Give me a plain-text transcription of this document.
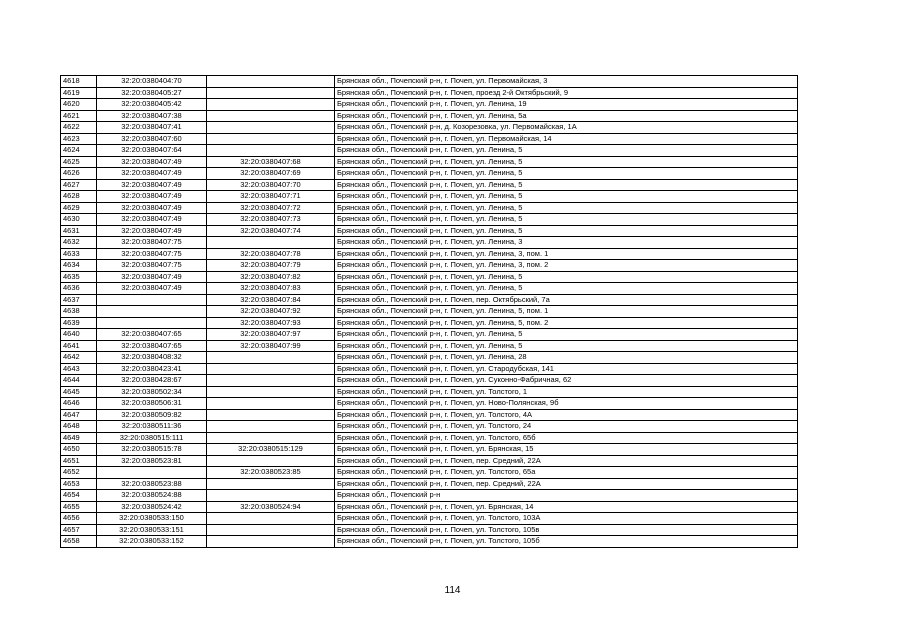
4618	32:20:0380404:70		Брянская обл., Почепский р-н, г. Почеп, ул. Первомайская, 3
4619	32:20:0380405:27		Брянская обл., Почепский р-н, г. Почеп, проезд 2-й Октябрьский, 9
4620	32:20:0380405:42		Брянская обл., Почепский р-н, г. Почеп, ул. Ленина, 19
4621	32:20:0380407:38		Брянская обл., Почепский р-н, г. Почеп, ул. Ленина, 5а
4622	32:20:0380407:41		Брянская обл., Почепский р-н, д. Козорезовка, ул. Первомайская, 1А
4623	32:20:0380407:60		Брянская обл., Почепский р-н, г. Почеп, ул. Первомайская, 14
4624	32:20:0380407:64		Брянская обл., Почепский р-н, г. Почеп, ул. Ленина, 5
4625	32:20:0380407:49	32:20:0380407:68	Брянская обл., Почепский р-н, г. Почеп, ул. Ленина, 5
4626	32:20:0380407:49	32:20:0380407:69	Брянская обл., Почепский р-н, г. Почеп, ул. Ленина, 5
4627	32:20:0380407:49	32:20:0380407:70	Брянская обл., Почепский р-н, г. Почеп, ул. Ленина, 5
4628	32:20:0380407:49	32:20:0380407:71	Брянская обл., Почепский р-н, г. Почеп, ул. Ленина, 5
4629	32:20:0380407:49	32:20:0380407:72	Брянская обл., Почепский р-н, г. Почеп, ул. Ленина, 5
4630	32:20:0380407:49	32:20:0380407:73	Брянская обл., Почепский р-н, г. Почеп, ул. Ленина, 5
4631	32:20:0380407:49	32:20:0380407:74	Брянская обл., Почепский р-н, г. Почеп, ул. Ленина, 5
4632	32:20:0380407:75		Брянская обл., Почепский р-н, г. Почеп, ул. Ленина, 3
4633	32:20:0380407:75	32:20:0380407:78	Брянская обл., Почепский р-н, г. Почеп, ул. Ленина, 3, пом. 1
4634	32:20:0380407:75	32:20:0380407:79	Брянская обл., Почепский р-н, г. Почеп, ул. Ленина, 3, пом. 2
4635	32:20:0380407:49	32:20:0380407:82	Брянская обл., Почепский р-н, г. Почеп, ул. Ленина, 5
4636	32:20:0380407:49	32:20:0380407:83	Брянская обл., Почепский р-н, г. Почеп, ул. Ленина, 5
4637		32:20:0380407:84	Брянская обл., Почепский р-н, г. Почеп, пер. Октябрьский, 7а
4638		32:20:0380407:92	Брянская обл., Почепский р-н, г. Почеп, ул. Ленина, 5, пом. 1
4639		32:20:0380407:93	Брянская обл., Почепский р-н, г. Почеп, ул. Ленина, 5, пом. 2
4640	32:20:0380407:65	32:20:0380407:97	Брянская обл., Почепский р-н, г. Почеп, ул. Ленина, 5
4641	32:20:0380407:65	32:20:0380407:99	Брянская обл., Почепский р-н, г. Почеп, ул. Ленина, 5
4642	32:20:0380408:32		Брянская обл., Почепский р-н, г. Почеп, ул. Ленина, 28
4643	32:20:0380423:41		Брянская обл., Почепский р-н, г. Почеп, ул. Стародубская, 141
4644	32:20:0380428:67		Брянская обл., Почепский р-н, г. Почеп, ул. Суконно-Фабричная, 62
4645	32:20:0380502:34		Брянская обл., Почепский р-н, г. Почеп, ул. Толстого, 1
4646	32:20:0380506:31		Брянская обл., Почепский р-н, г. Почеп, ул. Ново-Полянская, 9б
4647	32:20:0380509:82		Брянская обл., Почепский р-н, г. Почеп, ул. Толстого, 4А
4648	32:20:0380511:36		Брянская обл., Почепский р-н, г. Почеп, ул. Толстого, 24
4649	32:20:0380515:111		Брянская обл., Почепский р-н, г. Почеп, ул. Толстого, 65б
4650	32:20:0380515:78	32:20:0380515:129	Брянская обл., Почепский р-н, г. Почеп, ул. Брянская, 15
4651	32:20:0380523:81		Брянская обл., Почепский р-н, г. Почеп, пер. Средний, 22А
4652		32:20:0380523:85	Брянская обл., Почепский р-н, г. Почеп, ул. Толстого, 65а
4653	32:20:0380523:88		Брянская обл., Почепский р-н, г. Почеп, пер. Средний, 22А
4654	32:20:0380524:88		Брянская обл., Почепский р-н
4655	32:20:0380524:42	32:20:0380524:94	Брянская обл., Почепский р-н, г. Почеп, ул. Брянская, 14
4656	32:20:0380533:150		Брянская обл., Почепский р-н, г. Почеп, ул. Толстого, 103А
4657	32:20:0380533:151		Брянская обл., Почепский р-н, г. Почеп, ул. Толстого, 105в
4658	32:20:0380533:152		Брянская обл., Почепский р-н, г. Почеп, ул. Толстого, 105б
114
